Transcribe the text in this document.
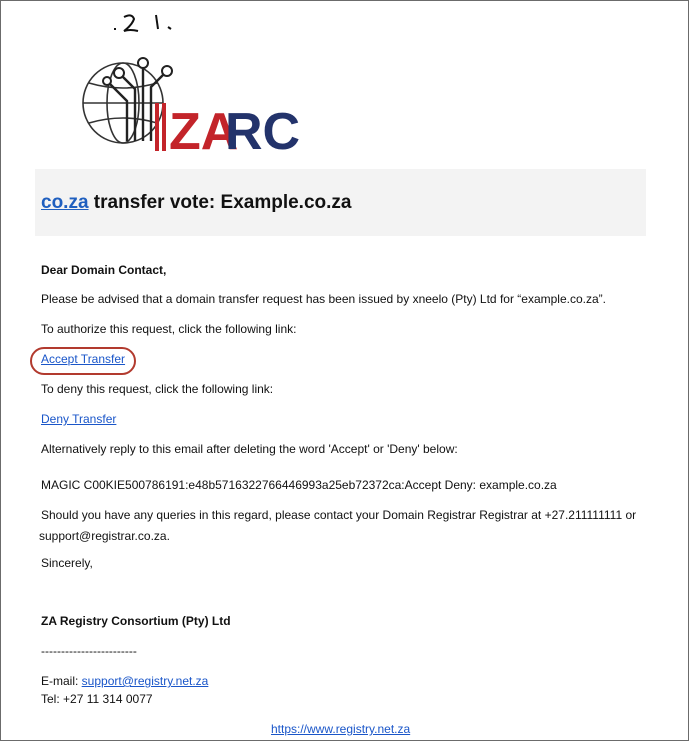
ZA
RC
co.za transfer vote: Example.co.za
Dear Domain Contact,
Please be advised that a domain transfer request has been issued by xneelo (Pty) Ltd for “example.co.za”.
To authorize this request, click the following link:
Accept Transfer
To deny this request, click the following link:
Deny Transfer
Alternatively reply to this email after deleting the word 'Accept' or 'Deny' below:
MAGIC C00KIE500786191:e48b5716322766446993a25eb72372ca:Accept Deny: example.co.za
Should you have any queries in this regard, please contact your Domain Registrar Registrar at +27.211111111 or
support@registrar.co.za.
Sincerely,
ZA Registry Consortium (Pty) Ltd
------------------------
E-mail: support@registry.net.za
Tel: +27 11 314 0077
https://www.registry.net.za
